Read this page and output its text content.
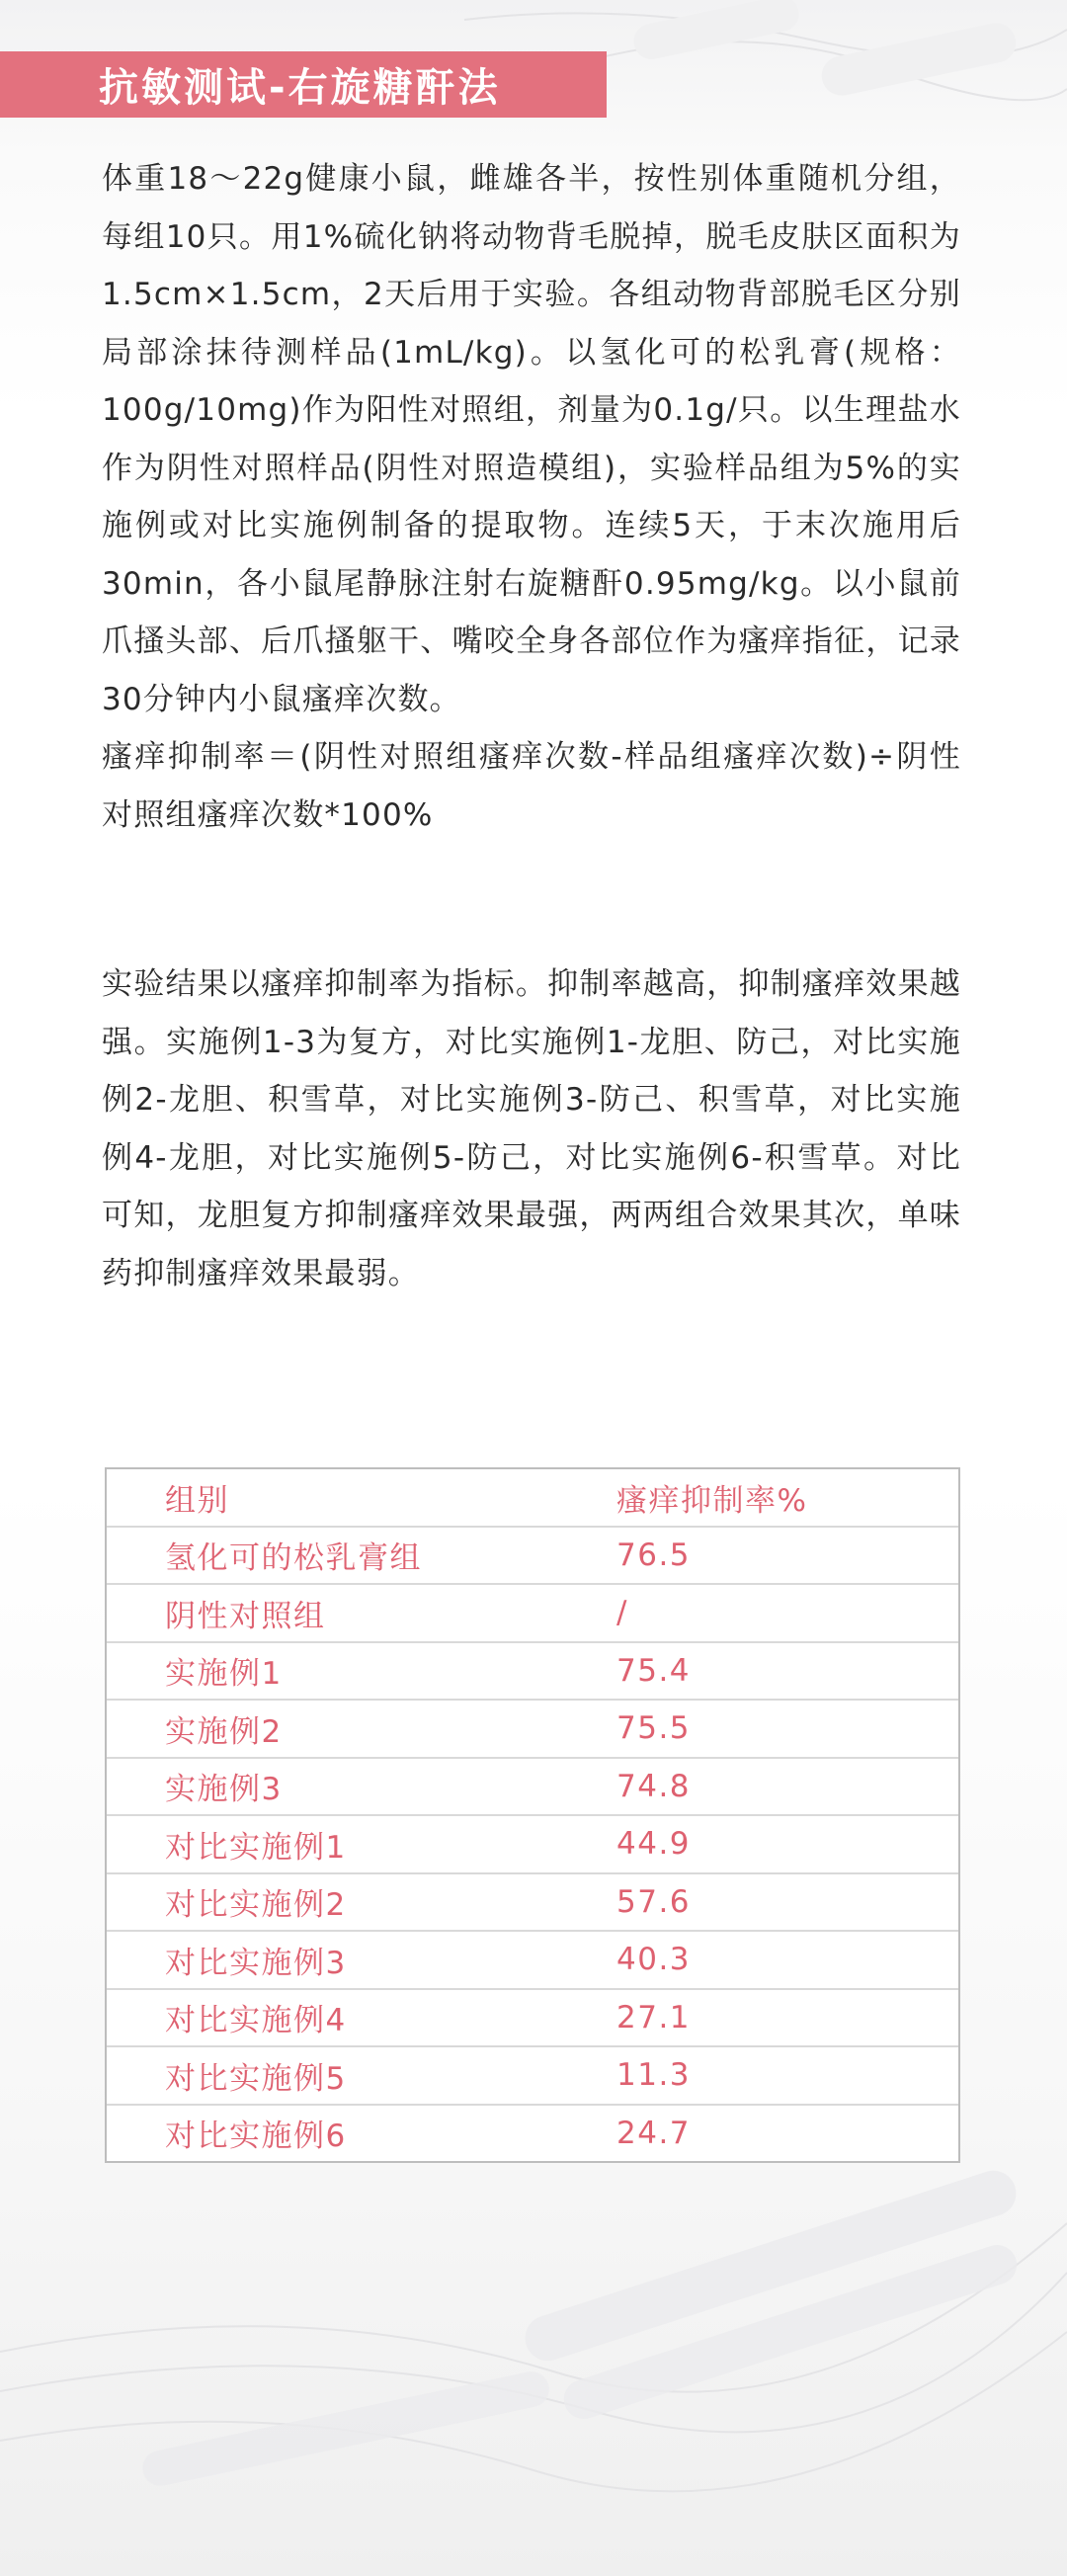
抗敏测试-右旋糖酐法

体重18～22g健康小鼠，雌雄各半，按性别体重随机分组，每组10只。用1%硫化钠将动物背毛脱掉，脱毛皮肤区面积为1.5cm×1.5cm，2天后用于实验。各组动物背部脱毛区分别局部涂抹待测样品(1mL/kg)。以氢化可的松乳膏(规格：100g/10mg)作为阳性对照组，剂量为0.1g/只。以生理盐水作为阴性对照样品(阴性对照造模组)，实验样品组为5%的实施例或对比实施例制备的提取物。连续5天，于末次施用后30min，各小鼠尾静脉注射右旋糖酐0.95mg/kg。以小鼠前爪搔头部、后爪搔躯干、嘴咬全身各部位作为瘙痒指征，记录30分钟内小鼠瘙痒次数。
瘙痒抑制率＝(阴性对照组瘙痒次数-样品组瘙痒次数)÷阴性对照组瘙痒次数*100%

实验结果以瘙痒抑制率为指标。抑制率越高，抑制瘙痒效果越强。实施例1-3为复方，对比实施例1-龙胆、防己，对比实施例2-龙胆、积雪草，对比实施例3-防己、积雪草，对比实施例4-龙胆，对比实施例5-防己，对比实施例6-积雪草。对比可知，龙胆复方抑制瘙痒效果最强，两两组合效果其次，单味药抑制瘙痒效果最弱。

组别	瘙痒抑制率%
氢化可的松乳膏组	76.5
阴性对照组	/
实施例1	75.4
实施例2	75.5
实施例3	74.8
对比实施例1	44.9
对比实施例2	57.6
对比实施例3	40.3
对比实施例4	27.1
对比实施例5	11.3
对比实施例6	24.7
